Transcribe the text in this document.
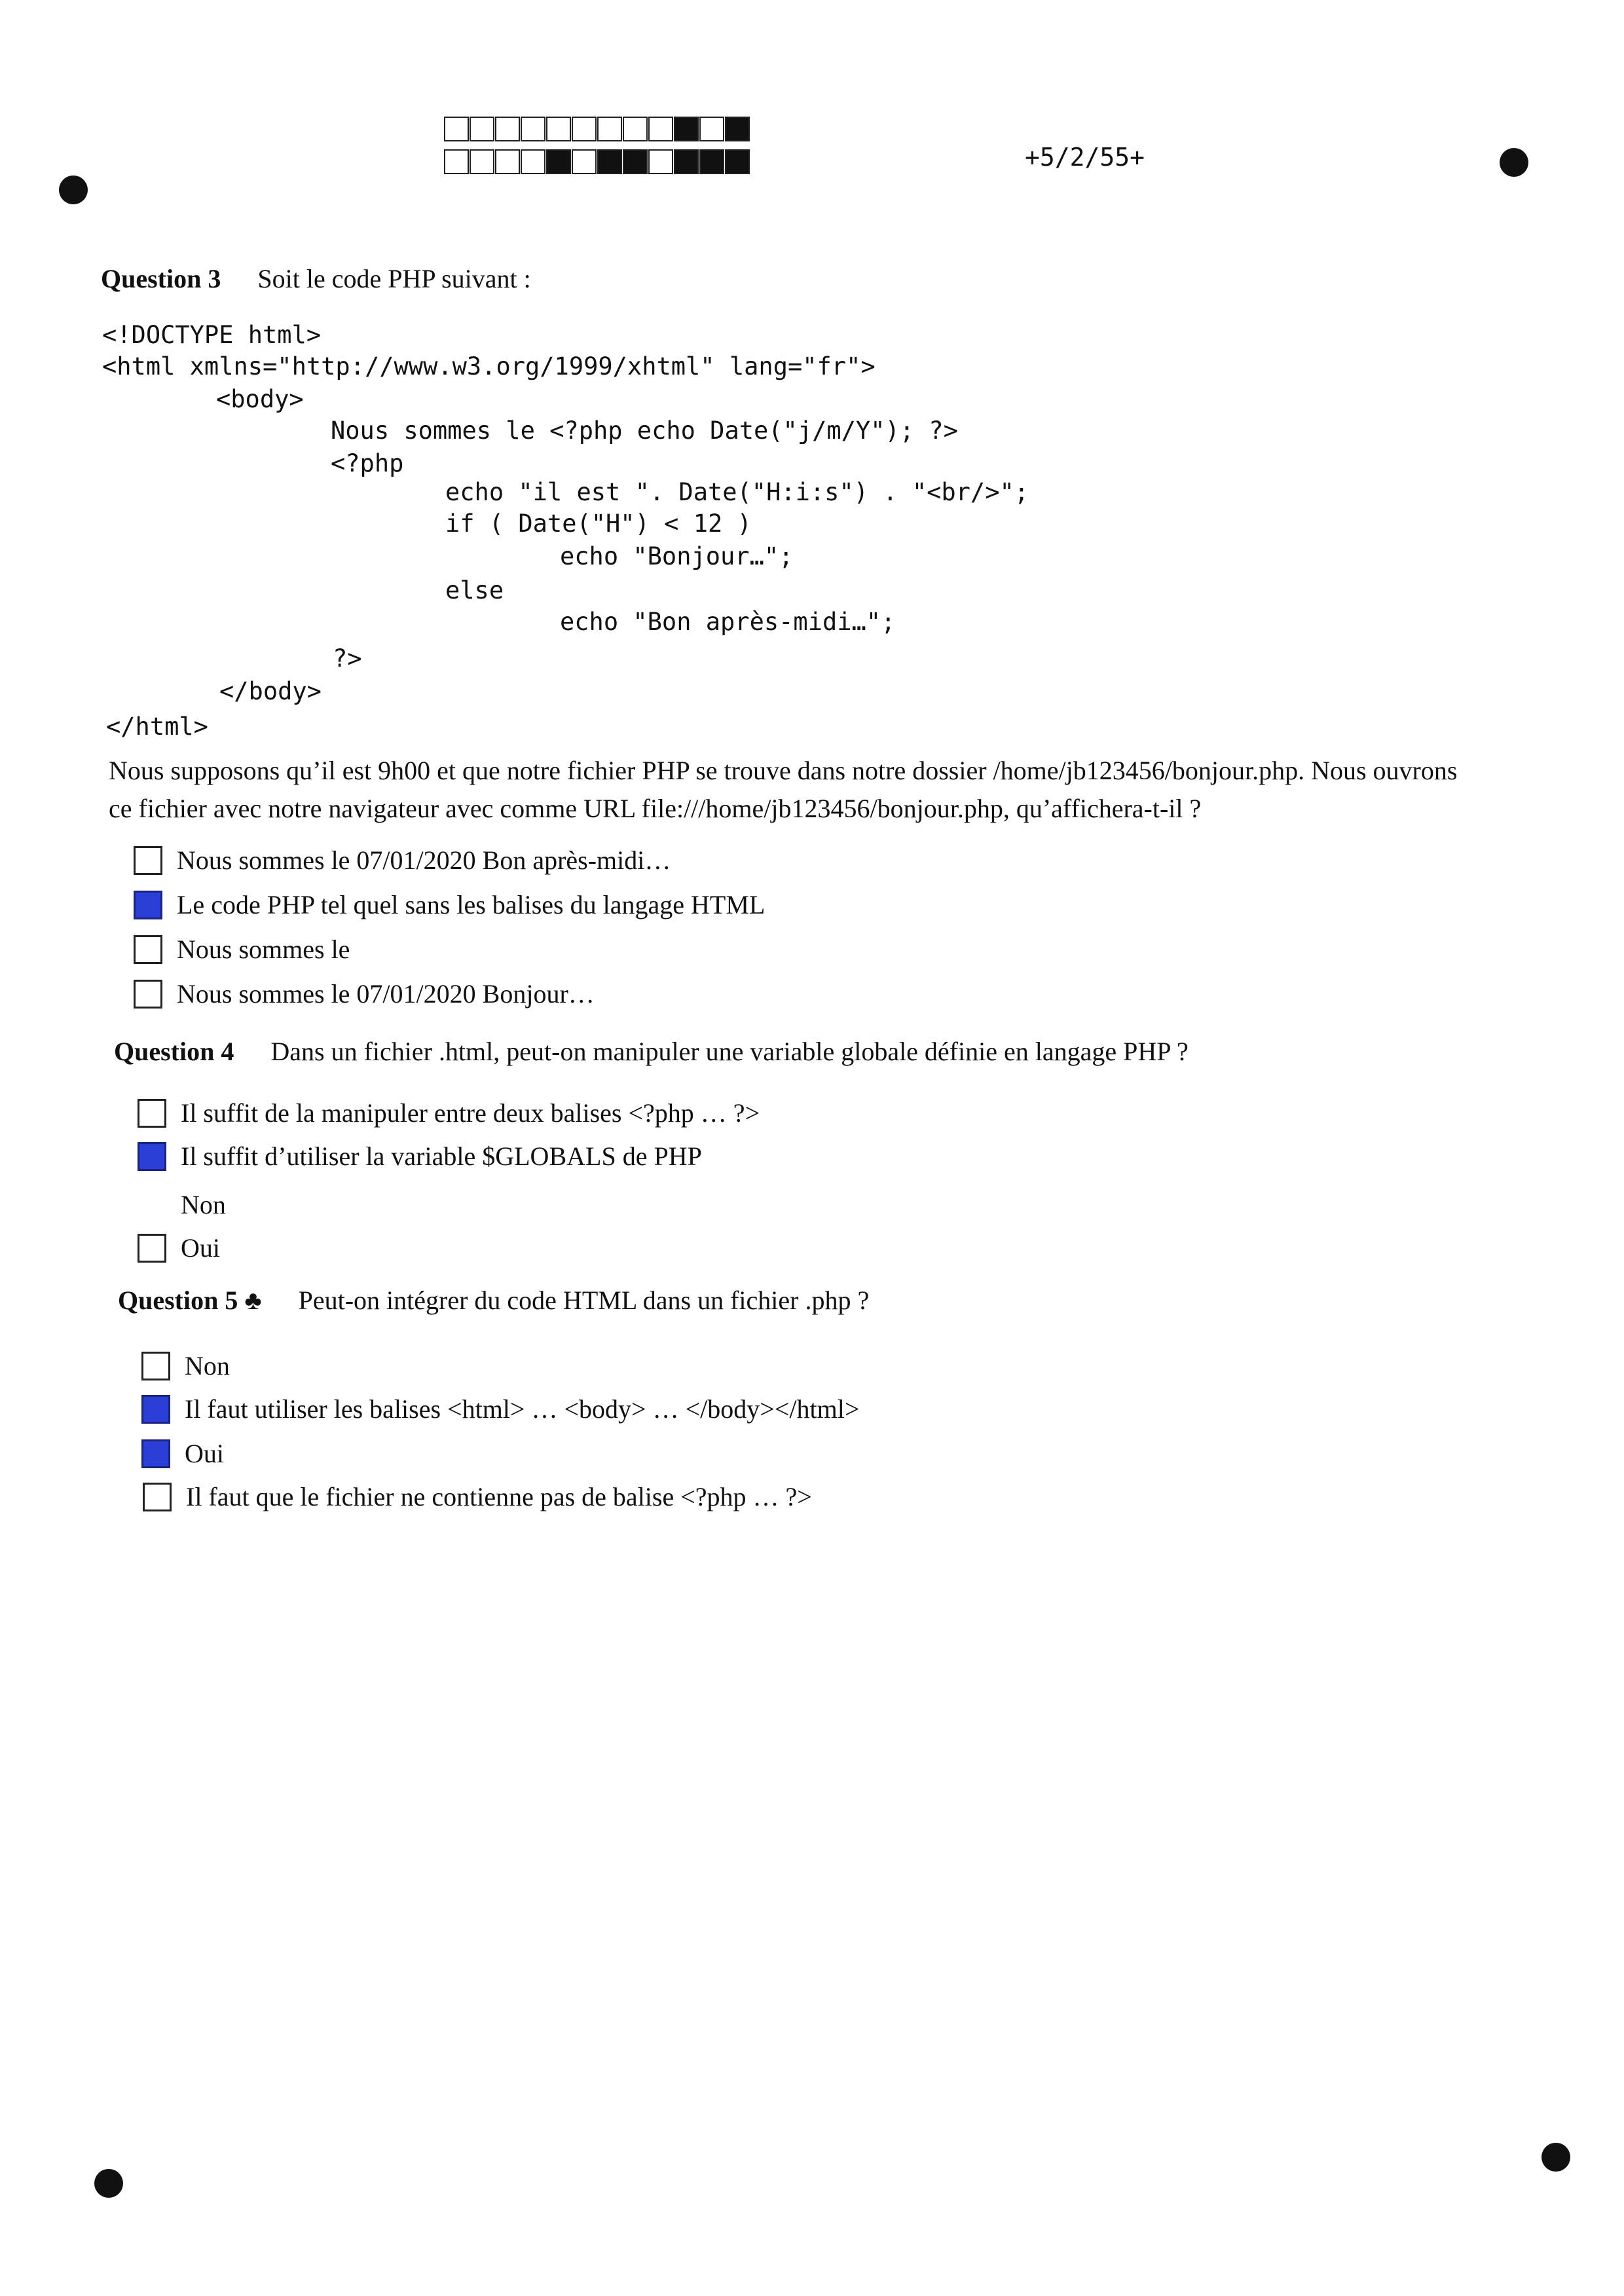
+5/2/55+
Question 3 Soit le code PHP suivant :
<!DOCTYPE html>
<html xmlns="http://www.w3.org/1999/xhtml" lang="fr">
<body>
Nous sommes le <?php echo Date("j/m/Y"); ?>
<?php
echo "il est ". Date("H:i:s") . "<br/>";
if ( Date("H") < 12 )
echo "Bonjour…";
else
echo "Bon après-midi…";
?>
</body>
</html>
Nous supposons qu’il est 9h00 et que notre fichier PHP se trouve dans notre dossier /home/jb123456/bonjour.php. Nous ouvrons
ce fichier avec notre navigateur avec comme URL file:///home/jb123456/bonjour.php, qu’affichera-t-il ?
Nous sommes le 07/01/2020 Bon après-midi…
Le code PHP tel quel sans les balises du langage HTML
Nous sommes le
Nous sommes le 07/01/2020 Bonjour…
Question 4 Dans un fichier .html, peut-on manipuler une variable globale définie en langage PHP ?
Il suffit de la manipuler entre deux balises <?php … ?>
Il suffit d’utiliser la variable $GLOBALS de PHP
Non
Oui
Question 5 ♣ Peut-on intégrer du code HTML dans un fichier .php ?
Non
Il faut utiliser les balises <html> … <body> … </body></html>
Oui
Il faut que le fichier ne contienne pas de balise <?php … ?>
